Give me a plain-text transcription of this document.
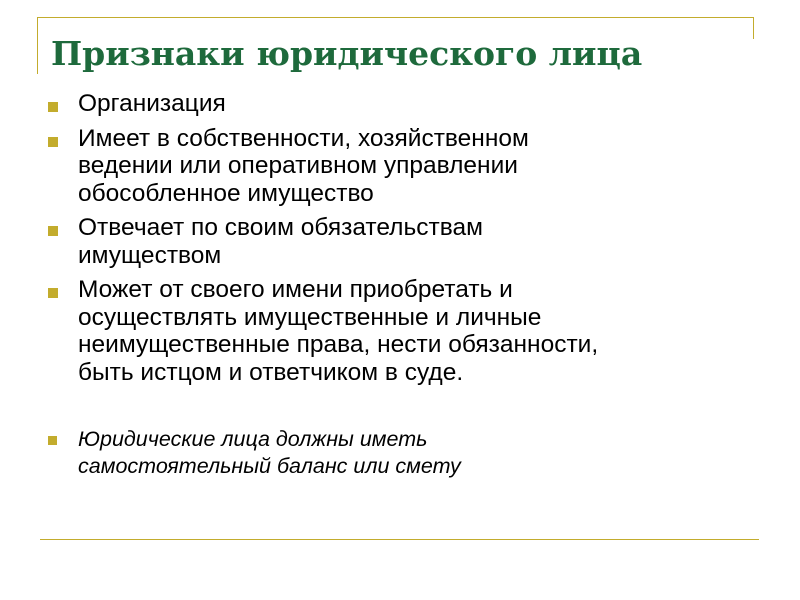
Признаки юридического лица
Организация
Имеет в собственности, хозяйственном
ведении или оперативном управлении
обособленное имущество
Отвечает по своим обязательствам
имуществом
Может от своего имени приобретать и
осуществлять имущественные и личные
неимущественные права, нести обязанности,
быть истцом и ответчиком в суде.
Юридические лица должны иметь
самостоятельный баланс или смету
